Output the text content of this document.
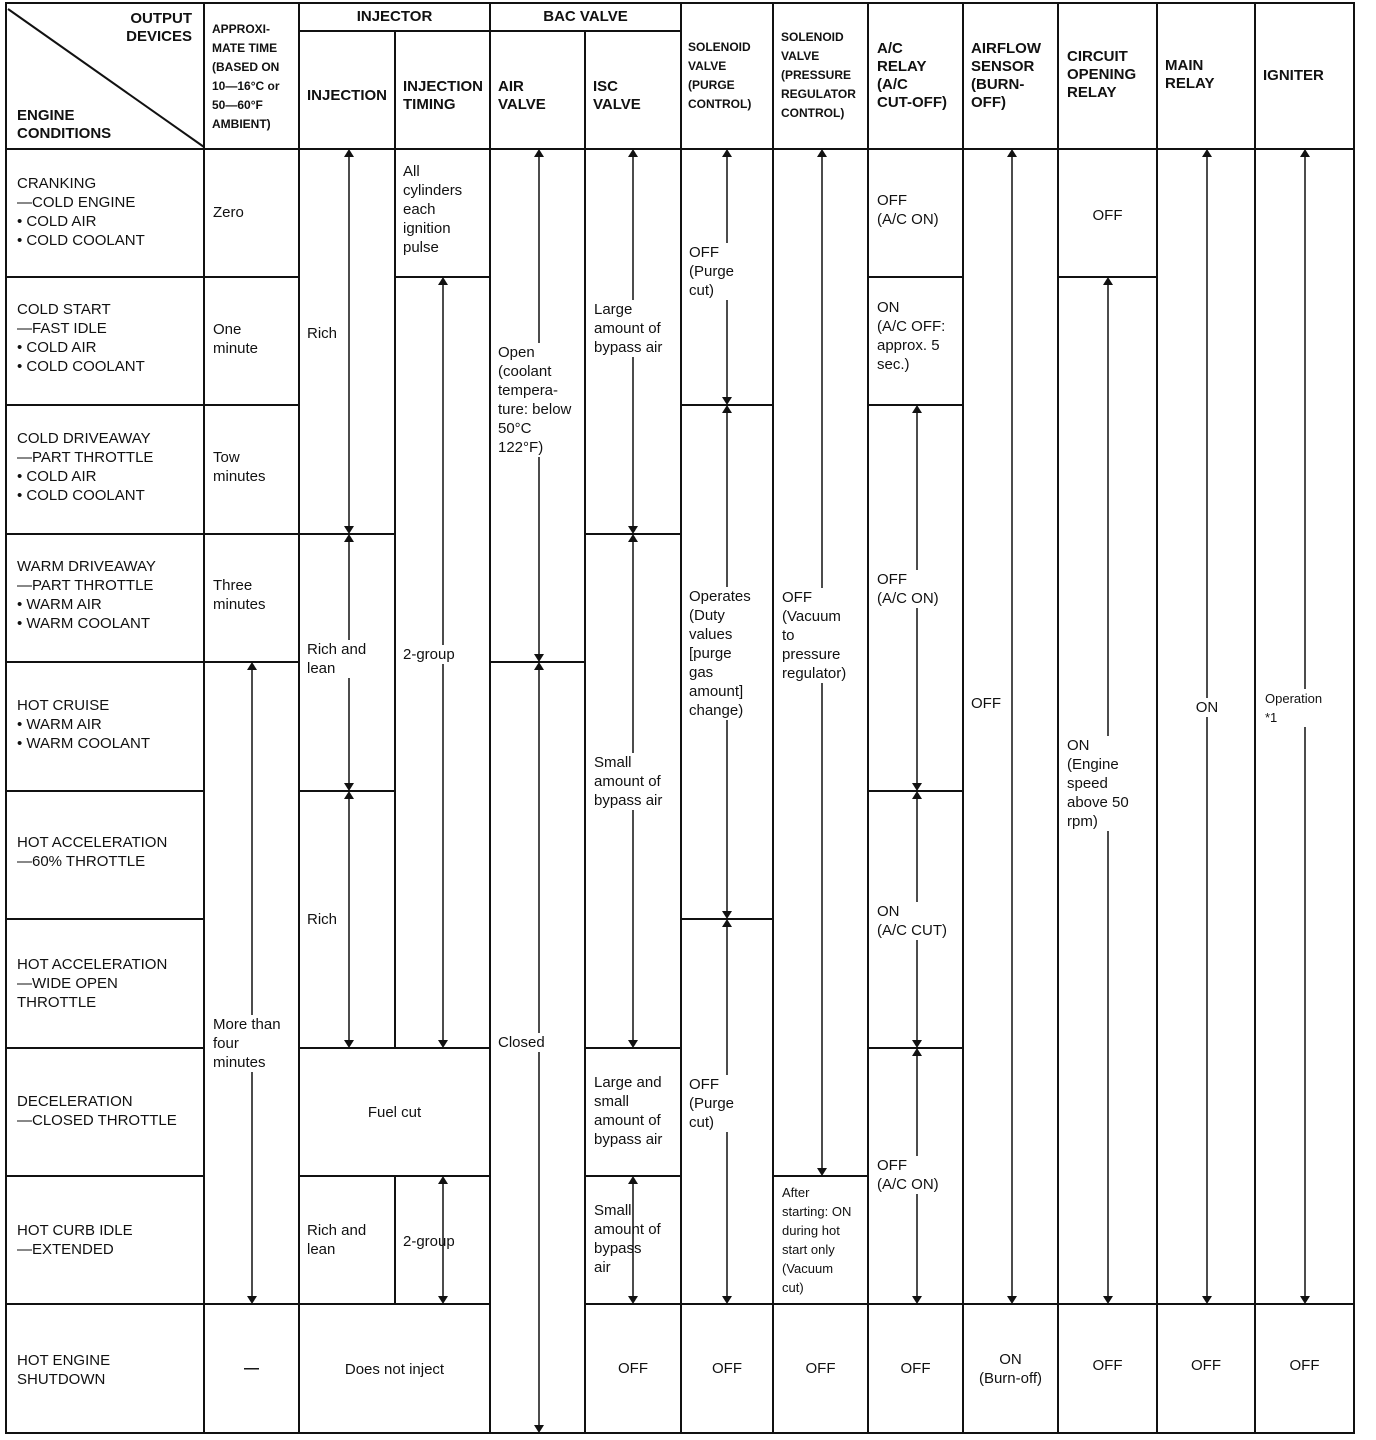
OUTPUT
DEVICES
ENGINE
CONDITIONS
APPROXI-
MATE TIME
(BASED ON
10—16°C or
50—60°F
AMBIENT)
INJECTOR
INJECTION
INJECTION
TIMING
BAC VALVE
AIR
VALVE
ISC
VALVE
SOLENOID
VALVE
(PURGE
CONTROL)
SOLENOID
VALVE
(PRESSURE
REGULATOR
CONTROL)
A/C
RELAY
(A/C
CUT-OFF)
AIRFLOW
SENSOR
(BURN-
OFF)
CIRCUIT
OPENING
RELAY
MAIN
RELAY	IGNITER
CRANKING
—COLD ENGINE
• COLD AIR
• COLD COOLANT
COLD START
—FAST IDLE
• COLD AIR
• COLD COOLANT
COLD DRIVEAWAY
—PART THROTTLE
• COLD AIR
• COLD COOLANT
WARM DRIVEAWAY
—PART THROTTLE
• WARM AIR
• WARM COOLANT
HOT CRUISE
• WARM AIR
• WARM COOLANT
HOT ACCELERATION
—60% THROTTLE
HOT ACCELERATION
—WIDE OPEN
THROTTLE
DECELERATION
—CLOSED THROTTLE
HOT CURB IDLE
—EXTENDED
HOT ENGINE
SHUTDOWN
Zero
One
minute
Tow
minutes
Three
minutes
More than
four
minutes
—
Rich
Rich and
lean
Rich
Fuel cut
Rich and
lean
Does not inject
All
cylinders
each
ignition
pulse
2-group
2-group
Open
(coolant
tempera-
ture: below
50°C
122°F)
Closed
Large
amount of
bypass air
Small
amount of
bypass air
Large and
small
amount of
bypass air
Small
amount of
bypass
air
OFF
OFF
(Purge
cut)
Operates
(Duty
values
[purge
gas
amount]
change)
OFF
(Purge
cut)
OFF
OFF
(Vacuum
to
pressure
regulator)
After
starting: ON
during hot
start only
(Vacuum
cut)
OFF
OFF
(A/C ON)
ON
(A/C OFF:
approx. 5
sec.)
OFF
(A/C ON)
ON
(A/C CUT)
OFF
(A/C ON)
OFF
OFF
ON
(Burn-off)
OFF
ON
(Engine
speed
above 50
rpm)
OFF
ON
OFF
Operation
*1
OFF
